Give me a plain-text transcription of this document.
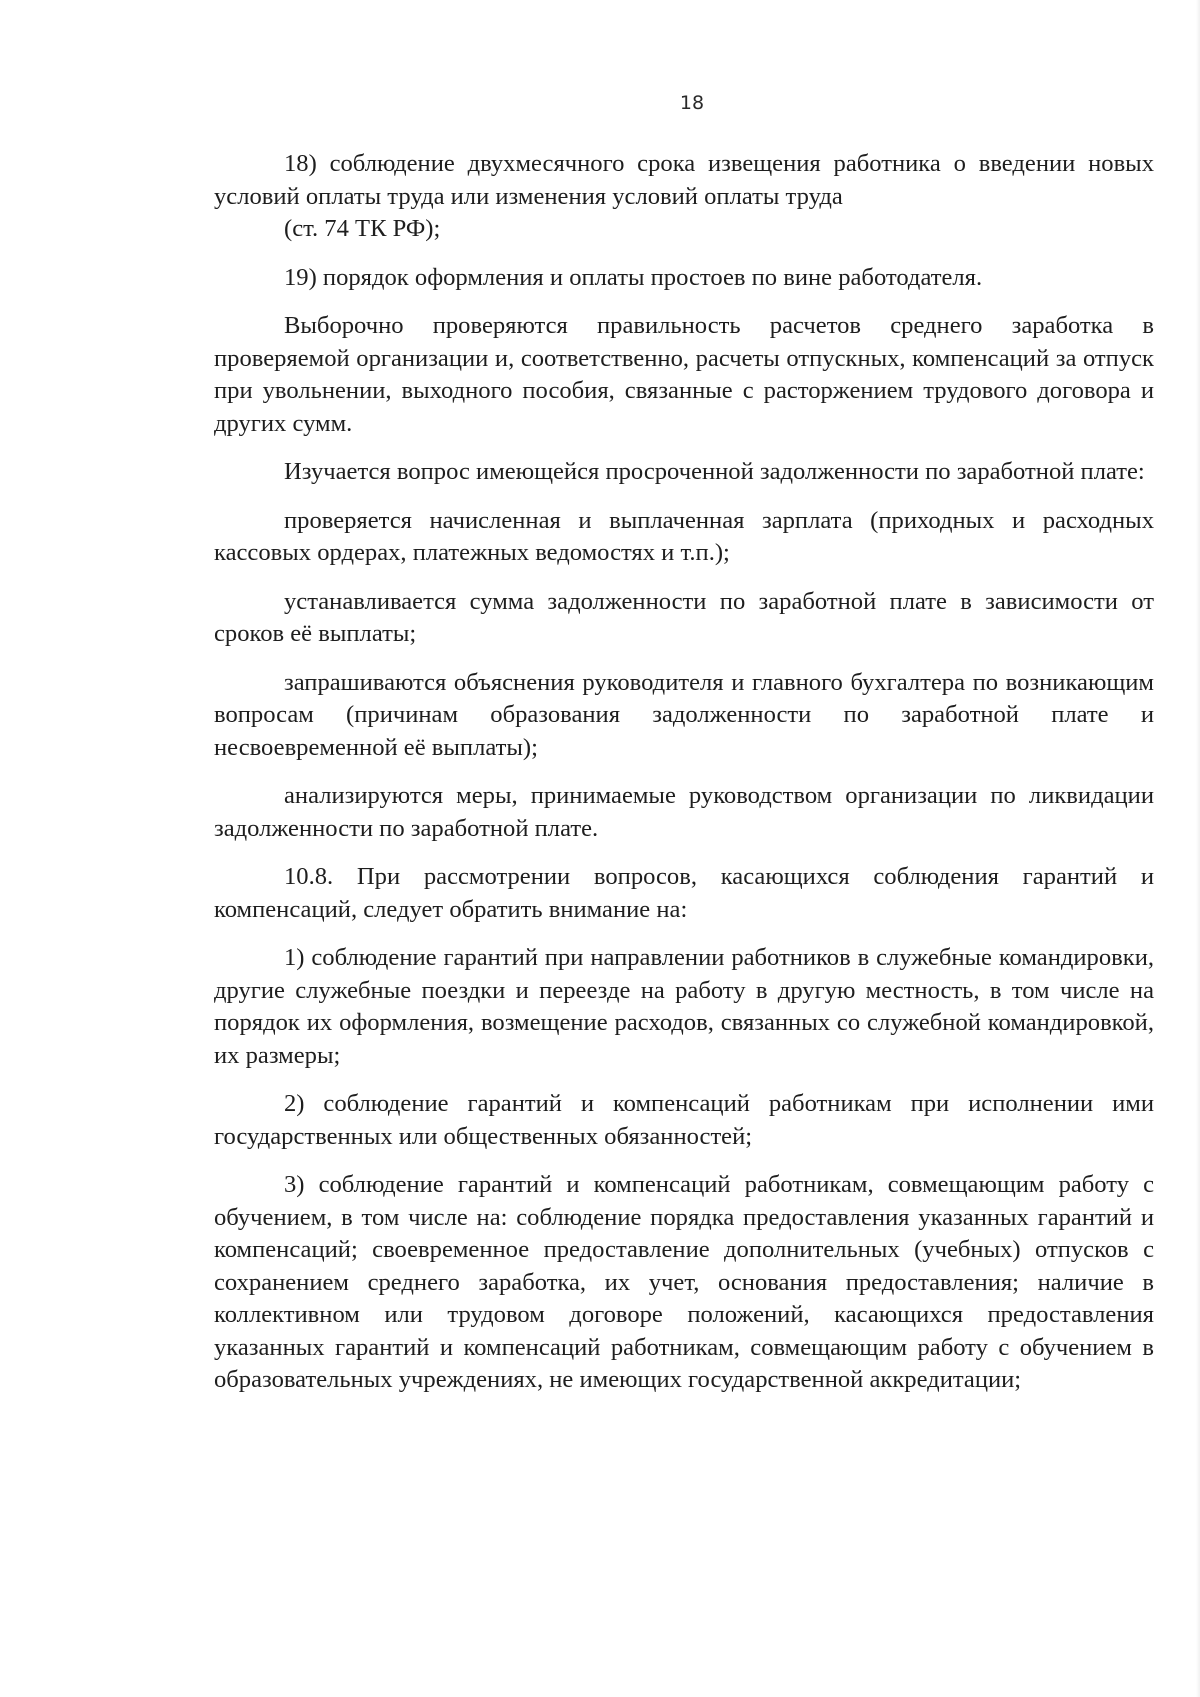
18

18) соблюдение двухмесячного срока извещения работника о введении новых условий оплаты труда или изменения условий оплаты труда
(ст. 74 ТК РФ);

19) порядок оформления и оплаты простоев по вине работодателя.

Выборочно проверяются правильность расчетов среднего заработка в проверяемой организации и, соответственно, расчеты отпускных, компенсаций за отпуск при увольнении, выходного пособия, связанные с расторжением трудового договора и других сумм.

Изучается вопрос имеющейся просроченной задолженности по заработной плате:

проверяется начисленная и выплаченная зарплата (приходных и расходных кассовых ордерах, платежных ведомостях и т.п.);

устанавливается сумма задолженности по заработной плате в зависимости от сроков её выплаты;

запрашиваются объяснения руководителя и главного бухгалтера по возникающим вопросам (причинам образования задолженности по заработной плате и несвоевременной её выплаты);

анализируются меры, принимаемые руководством организации по ликвидации задолженности по заработной плате.

10.8. При рассмотрении вопросов, касающихся соблюдения гарантий и компенсаций, следует обратить внимание на:

1) соблюдение гарантий при направлении работников в служебные командировки, другие служебные поездки и переезде на работу в другую местность, в том числе на порядок их оформления, возмещение расходов, связанных со служебной командировкой, их размеры;

2) соблюдение гарантий и компенсаций работникам при исполнении ими государственных или общественных обязанностей;

3) соблюдение гарантий и компенсаций работникам, совмещающим работу с обучением, в том числе на: соблюдение порядка предоставления указанных гарантий и компенсаций; своевременное предоставление дополнительных (учебных) отпусков с сохранением среднего заработка, их учет, основания предоставления; наличие в коллективном или трудовом договоре положений, касающихся предоставления указанных гарантий и компенсаций работникам, совмещающим работу с обучением в образовательных учреждениях, не имеющих государственной аккредитации;
